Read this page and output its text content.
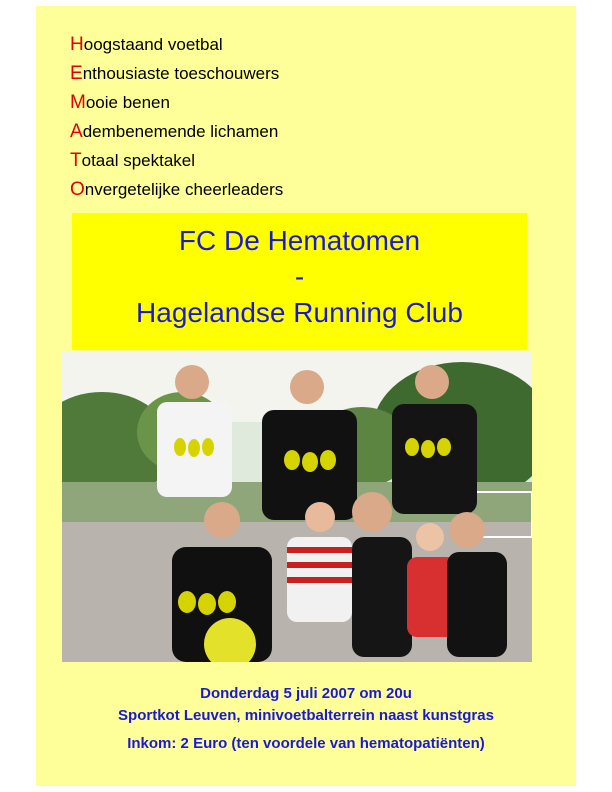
Hoogstaand voetbal
Enthousiaste toeschouwers
Mooie benen
Adembenemende lichamen
Totaal spektakel
Onvergetelijke cheerleaders
FC De Hematomen
-
Hagelandse Running Club
Donderdag 5 juli 2007 om 20u
Sportkot Leuven, minivoetbalterrein naast kunstgras
Inkom: 2 Euro (ten voordele van hematopatiënten)
